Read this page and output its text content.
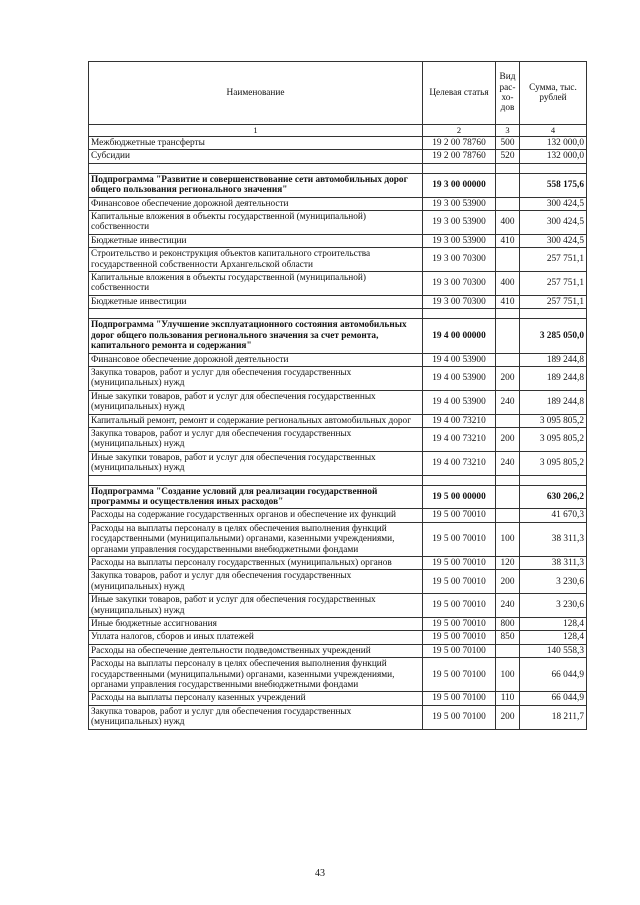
Наименование	Целевая статья	Вид рас-хо-дов	Сумма, тыс. рублей
1	2	3	4
Межбюджетные трансферты	19 2 00 78760	500	132 000,0
Субсидии	19 2 00 78760	520	132 000,0

Подпрограмма "Развитие и совершенствование сети автомобильных дорог общего пользования регионального значения"	19 3 00 00000		558 175,6
Финансовое обеспечение дорожной деятельности	19 3 00 53900		300 424,5
Капитальные вложения в объекты государственной (муниципальной) собственности	19 3 00 53900	400	300 424,5
Бюджетные инвестиции	19 3 00 53900	410	300 424,5
Строительство и реконструкция объектов капитального строительства государственной собственности Архангельской области	19 3 00 70300		257 751,1
Капитальные вложения в объекты государственной (муниципальной) собственности	19 3 00 70300	400	257 751,1
Бюджетные инвестиции	19 3 00 70300	410	257 751,1

Подпрограмма "Улучшение эксплуатационного состояния автомобильных дорог общего пользования регионального значения за счет ремонта, капитального ремонта и содержания"	19 4 00 00000		3 285 050,0
Финансовое обеспечение дорожной деятельности	19 4 00 53900		189 244,8
Закупка товаров, работ и услуг для обеспечения государственных (муниципальных) нужд	19 4 00 53900	200	189 244,8
Иные закупки товаров, работ и услуг для обеспечения государственных (муниципальных) нужд	19 4 00 53900	240	189 244,8
Капитальный ремонт, ремонт и содержание региональных автомобильных дорог	19 4 00 73210		3 095 805,2
Закупка товаров, работ и услуг для обеспечения государственных (муниципальных) нужд	19 4 00 73210	200	3 095 805,2
Иные закупки товаров, работ и услуг для обеспечения государственных (муниципальных) нужд	19 4 00 73210	240	3 095 805,2

Подпрограмма "Создание условий для реализации государственной программы и осуществления иных расходов"	19 5 00 00000		630 206,2
Расходы на содержание государственных органов и обеспечение их функций	19 5 00 70010		41 670,3
Расходы на выплаты персоналу в целях обеспечения выполнения функций государственными (муниципальными) органами, казенными учреждениями, органами управления государственными внебюджетными фондами	19 5 00 70010	100	38 311,3
Расходы на выплаты персоналу государственных (муниципальных) органов	19 5 00 70010	120	38 311,3
Закупка товаров, работ и услуг для обеспечения государственных (муниципальных) нужд	19 5 00 70010	200	3 230,6
Иные закупки товаров, работ и услуг для обеспечения государственных (муниципальных) нужд	19 5 00 70010	240	3 230,6
Иные бюджетные ассигнования	19 5 00 70010	800	128,4
Уплата налогов, сборов и иных платежей	19 5 00 70010	850	128,4
Расходы на обеспечение деятельности подведомственных учреждений	19 5 00 70100		140 558,3
Расходы на выплаты персоналу в целях обеспечения выполнения функций государственными (муниципальными) органами, казенными учреждениями, органами управления государственными внебюджетными фондами	19 5 00 70100	100	66 044,9
Расходы на выплаты персоналу казенных учреждений	19 5 00 70100	110	66 044,9
Закупка товаров, работ и услуг для обеспечения государственных (муниципальных) нужд	19 5 00 70100	200	18 211,7
43
